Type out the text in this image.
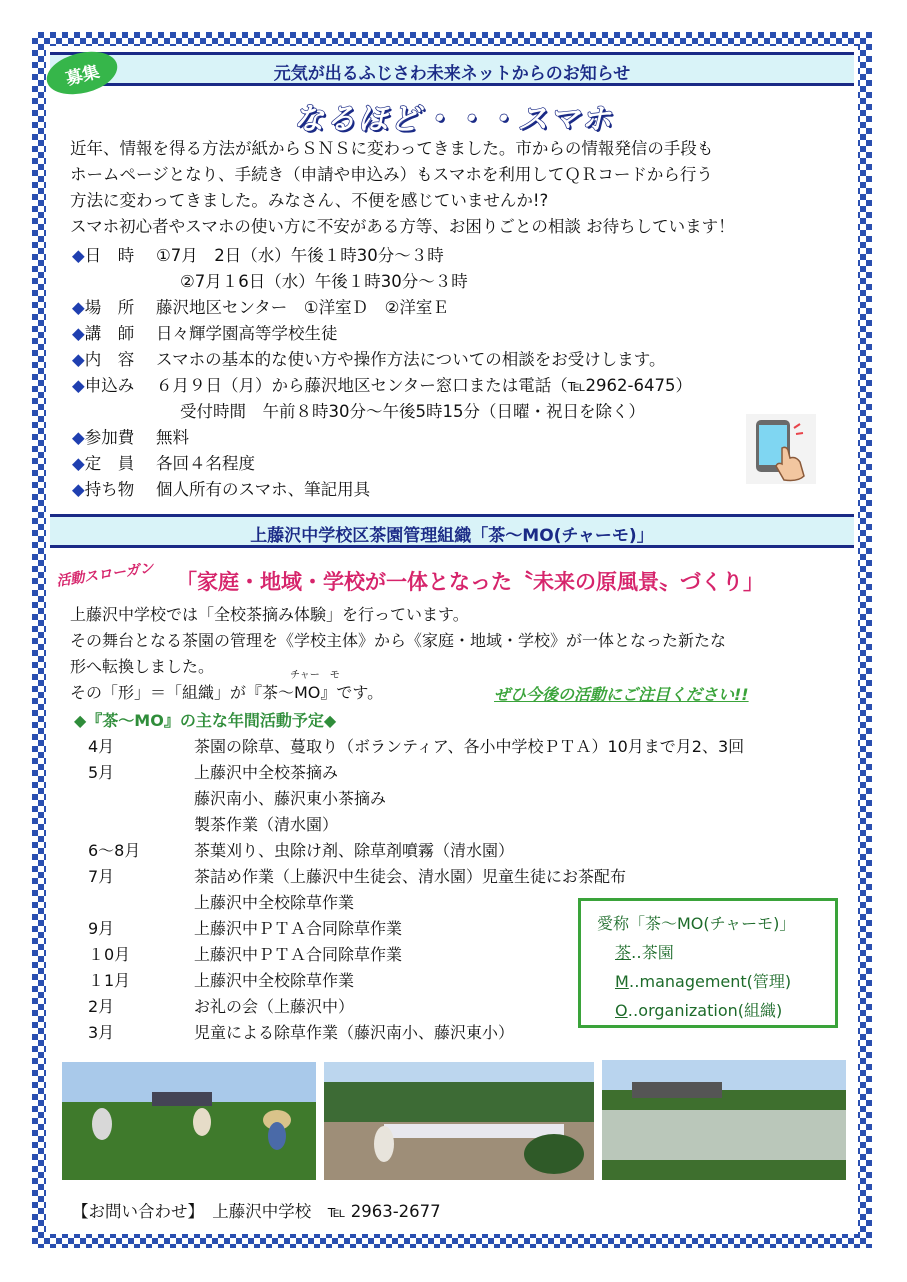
元気が出るふじさわ未来ネットからのお知らせ
募集
なるほど・・・スマホ
近年、情報を得る方法が紙からＳＮＳに変わってきました。市からの情報発信の手段も
ホームページとなり、手続き（申請や申込み）もスマホを利用してＱＲコードから行う
方法に変わってきました。みなさん、不便を感じていませんか!?
スマホ初心者やスマホの使い方に不安がある方等、お困りごとの相談 お待ちしています！
◆日　時　 ①7月　2日（水）午後１時30分～３時
②7月１6日（水）午後１時30分～３時
◆場　所　 藤沢地区センター　①洋室Ｄ　②洋室Ｅ
◆講　師　 日々輝学園高等学校生徒
◆内　容　 スマホの基本的な使い方や操作方法についての相談をお受けします。
◆申込み　 ６月９日（月）から藤沢地区センター窓口または電話（℡2962-6475）
受付時間　午前８時30分～午後5時15分（日曜・祝日を除く）
◆参加費　 無料
◆定　員　 各回４名程度
◆持ち物　 個人所有のスマホ、筆記用具
上藤沢中学校区茶園管理組織「茶～MO(チャーモ)」
活動スローガン 「家庭・地域・学校が一体となった〝未来の原風景〟づくり」
上藤沢中学校では「全校茶摘み体験」を行っています。
その舞台となる茶園の管理を《学校主体》から《家庭・地域・学校》が一体となった新たな
形へ転換しました。
その「形」＝「組織」が『茶～MO』です。
チャー　モ
ぜひ今後の活動にご注目ください!!
◆『茶～MO』の主な年間活動予定◆
4月	茶園の除草、蔓取り（ボランティア、各小中学校ＰＴＡ）10月まで月2、3回
5月	上藤沢中全校茶摘み
藤沢南小、藤沢東小茶摘み
製茶作業（清水園）
6～8月	茶葉刈り、虫除け剤、除草剤噴霧（清水園）
7月	茶詰め作業（上藤沢中生徒会、清水園）児童生徒にお茶配布
上藤沢中全校除草作業
9月	上藤沢中ＰＴＡ合同除草作業
１0月	上藤沢中ＰＴＡ合同除草作業
１1月	上藤沢中全校除草作業
2月	お礼の会（上藤沢中）
3月	児童による除草作業（藤沢南小、藤沢東小）
愛称「茶～MO(チャーモ)」
茶‥茶園
M‥management(管理)
O‥organization(組織)
【お問い合わせ】　 上藤沢中学校　 ℡ 2963-2677
